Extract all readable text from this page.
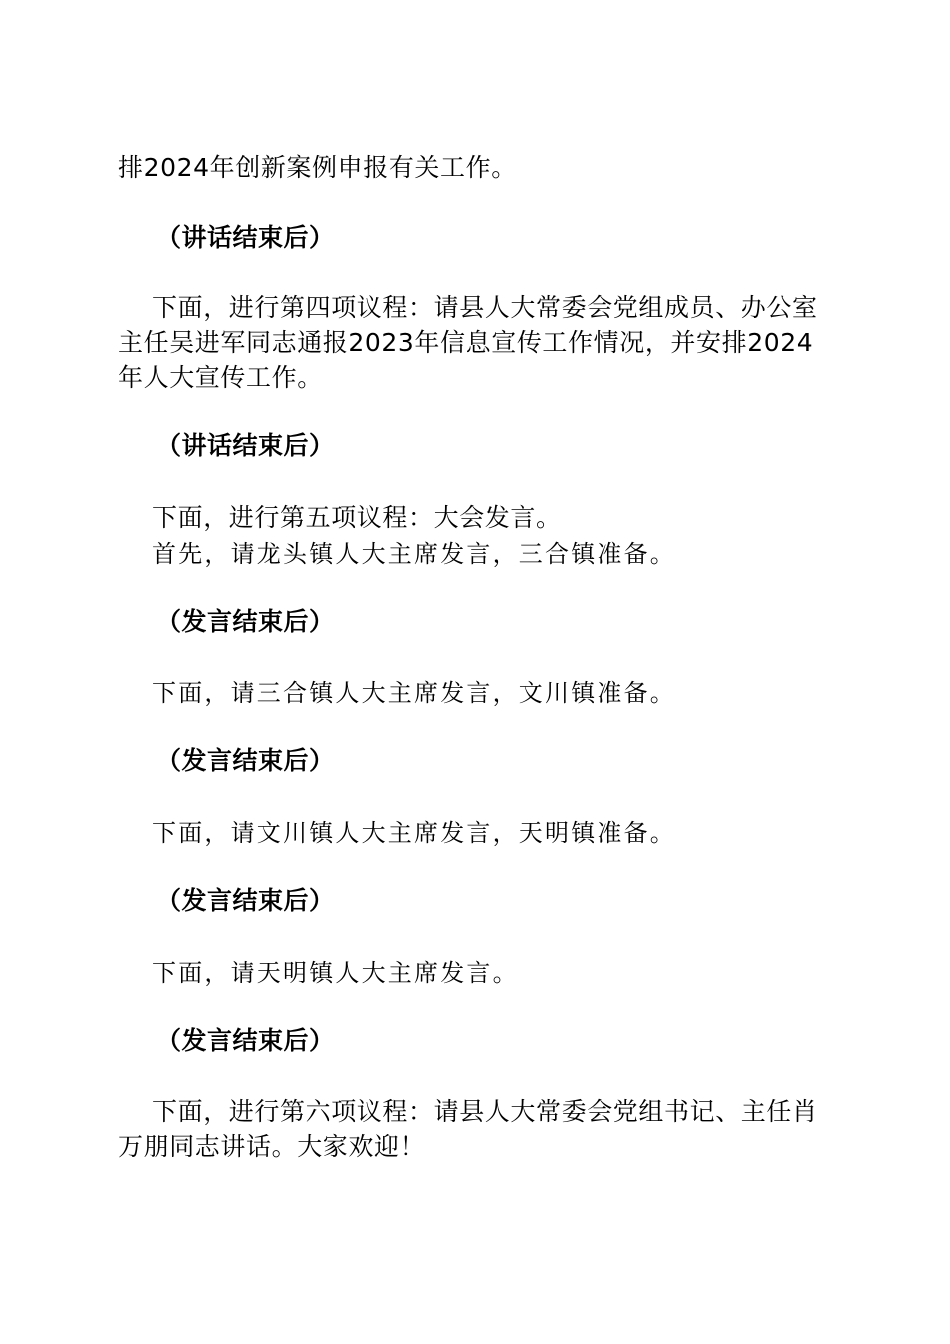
排2024年创新案例申报有关工作。

（讲话结束后）

下面，进行第四项议程：请县人大常委会党组成员、办公室

主任吴进军同志通报2023年信息宣传工作情况，并安排2024

年人大宣传工作。

（讲话结束后）

下面，进行第五项议程：大会发言。

首先，请龙头镇人大主席发言，三合镇准备。

（发言结束后）

下面，请三合镇人大主席发言，文川镇准备。

（发言结束后）

下面，请文川镇人大主席发言，天明镇准备。

（发言结束后）

下面，请天明镇人大主席发言。

（发言结束后）

下面，进行第六项议程：请县人大常委会党组书记、主任肖

万朋同志讲话。大家欢迎！
